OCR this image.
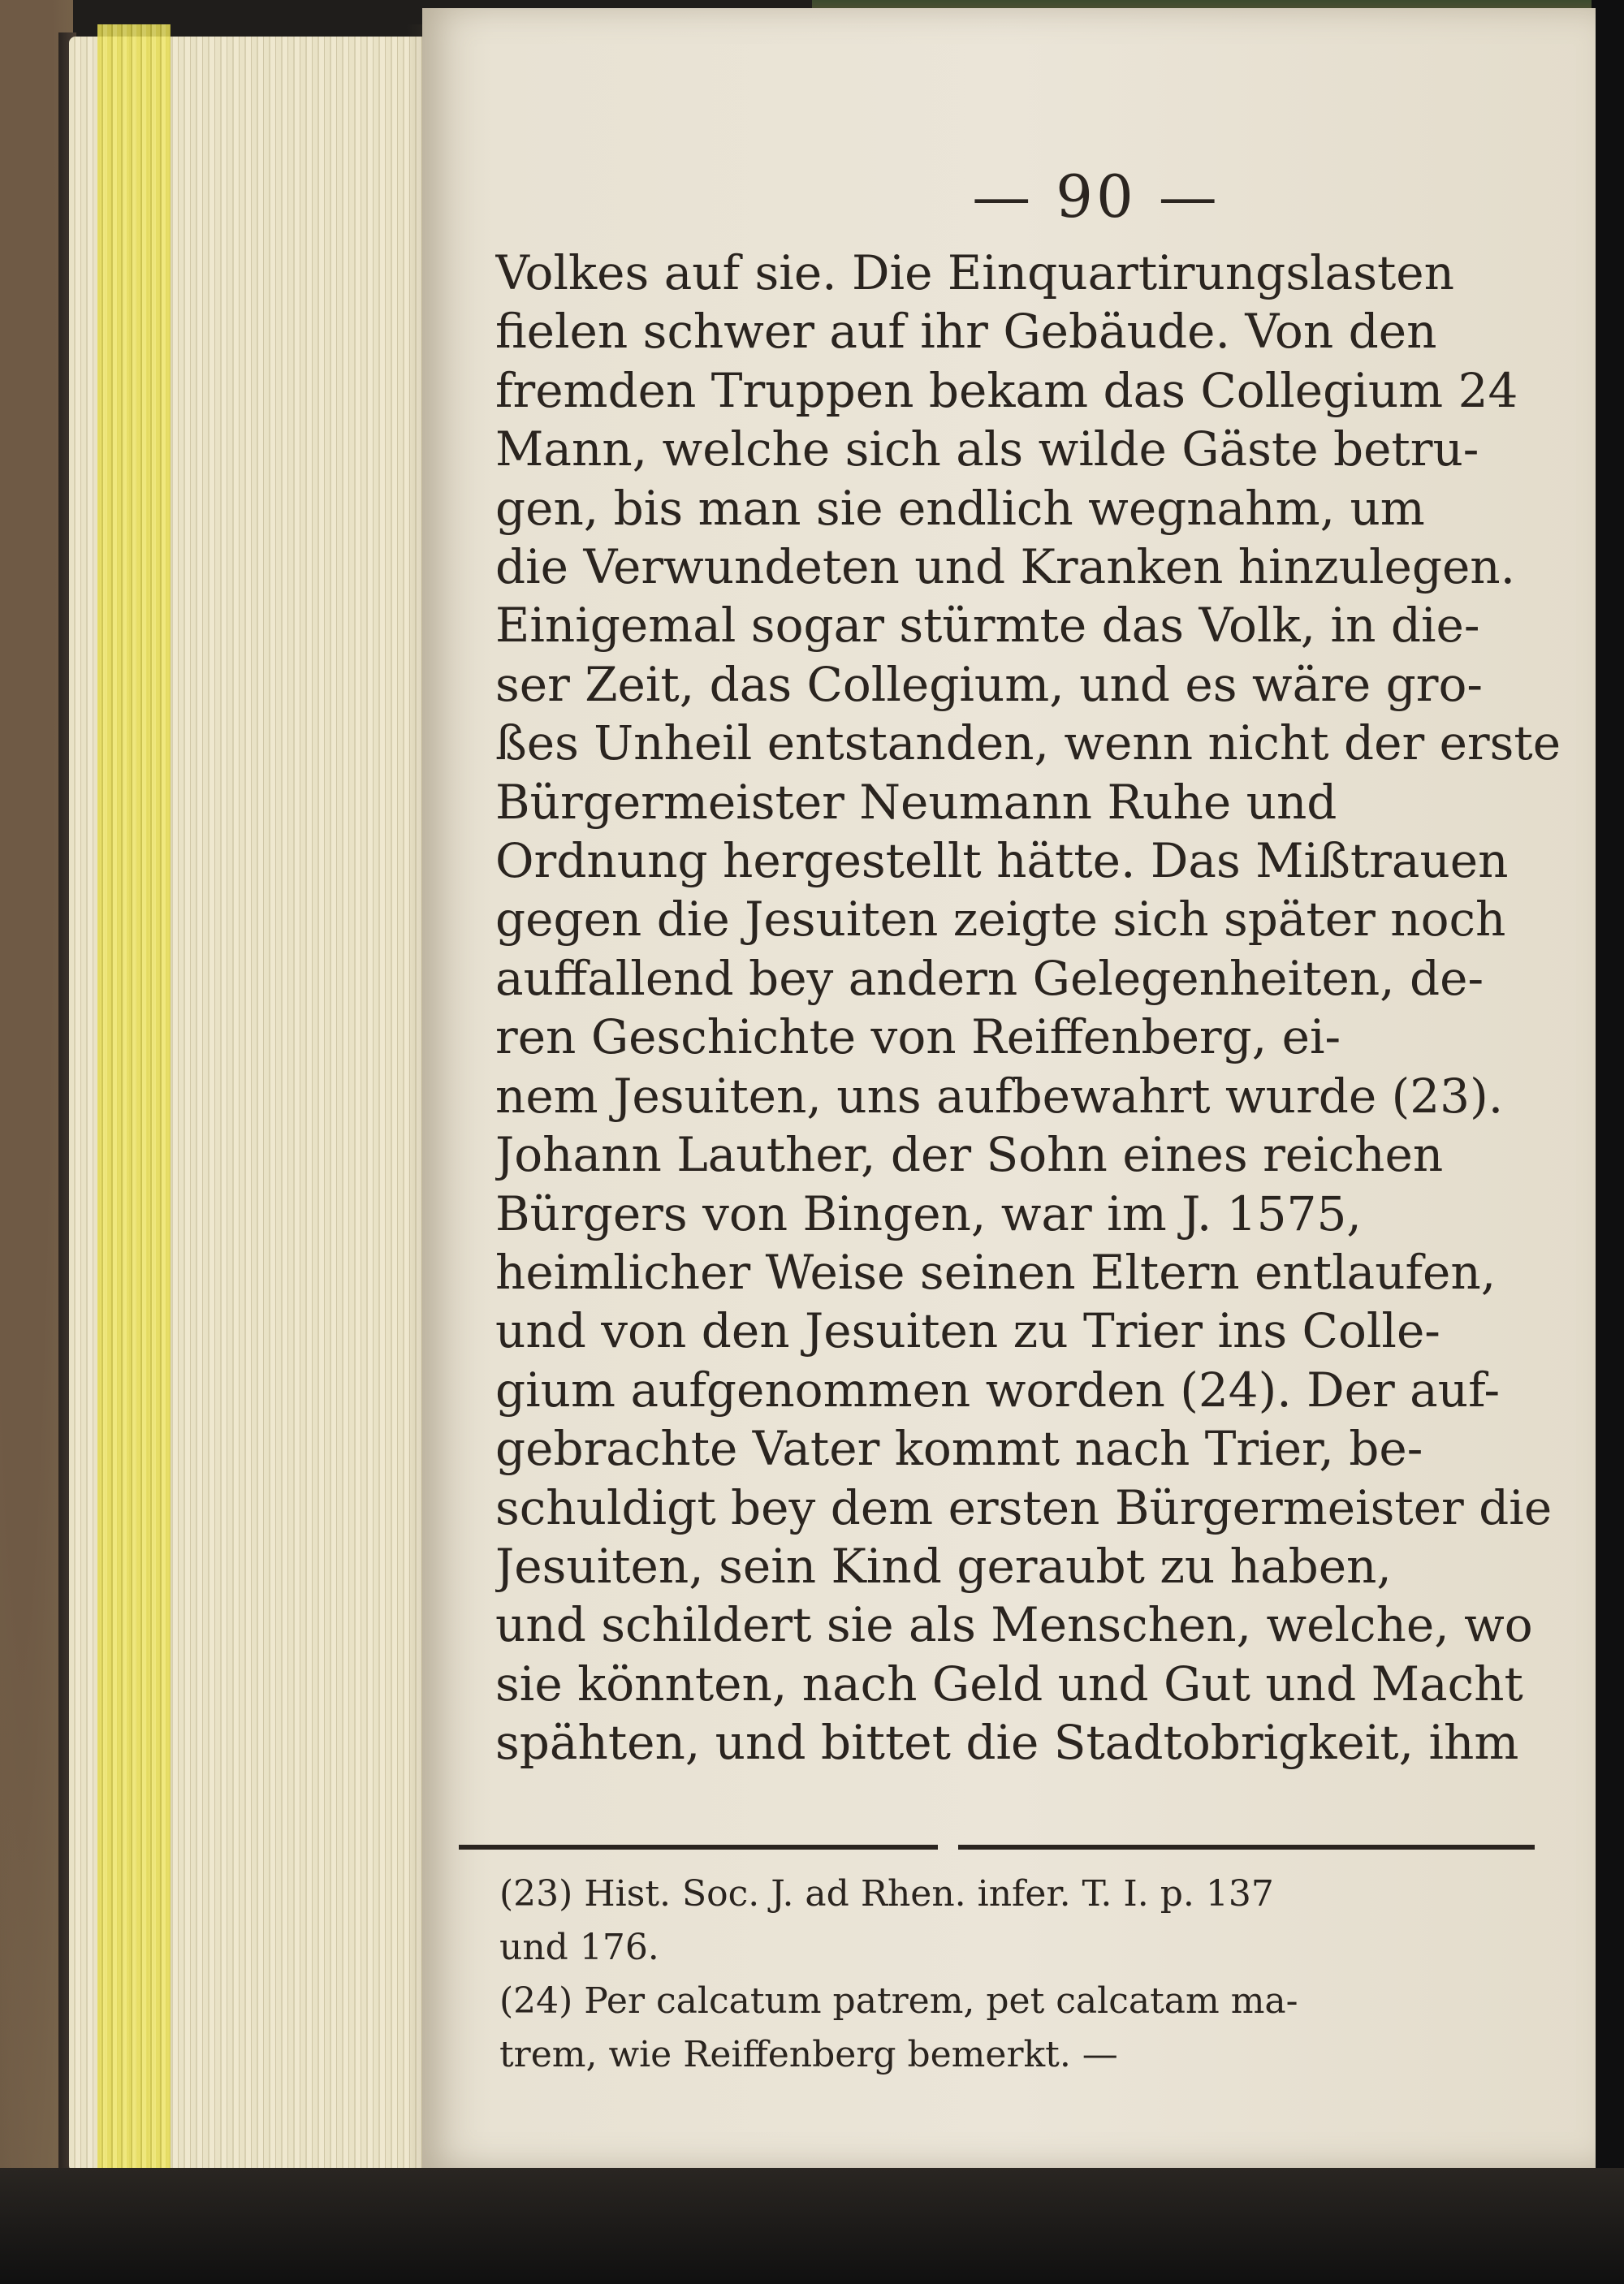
— 90 —
Volkes auf sie. Die Einquartirungslasten
fielen schwer auf ihr Gebäude. Von den
fremden Truppen bekam das Collegium 24
Mann, welche sich als wilde Gäste betru-
gen, bis man sie endlich wegnahm, um
die Verwundeten und Kranken hinzulegen.
Einigemal sogar stürmte das Volk, in die-
ser Zeit, das Collegium, und es wäre gro-
ßes Unheil entstanden, wenn nicht der erste
Bürgermeister Neumann Ruhe und
Ordnung hergestellt hätte. Das Mißtrauen
gegen die Jesuiten zeigte sich später noch
auffallend bey andern Gelegenheiten, de-
ren Geschichte von Reiffenberg, ei-
nem Jesuiten, uns aufbewahrt wurde (23).
Johann Lauther, der Sohn eines reichen
Bürgers von Bingen, war im J. 1575,
heimlicher Weise seinen Eltern entlaufen,
und von den Jesuiten zu Trier ins Colle-
gium aufgenommen worden (24). Der auf-
gebrachte Vater kommt nach Trier, be-
schuldigt bey dem ersten Bürgermeister die
Jesuiten, sein Kind geraubt zu haben,
und schildert sie als Menschen, welche, wo
sie könnten, nach Geld und Gut und Macht
spähten, und bittet die Stadtobrigkeit, ihm
(23) Hist. Soc. J. ad Rhen. infer. T. I. p. 137
und 176.
(24) Per calcatum patrem, pet calcatam ma-
trem, wie Reiffenberg bemerkt. —
